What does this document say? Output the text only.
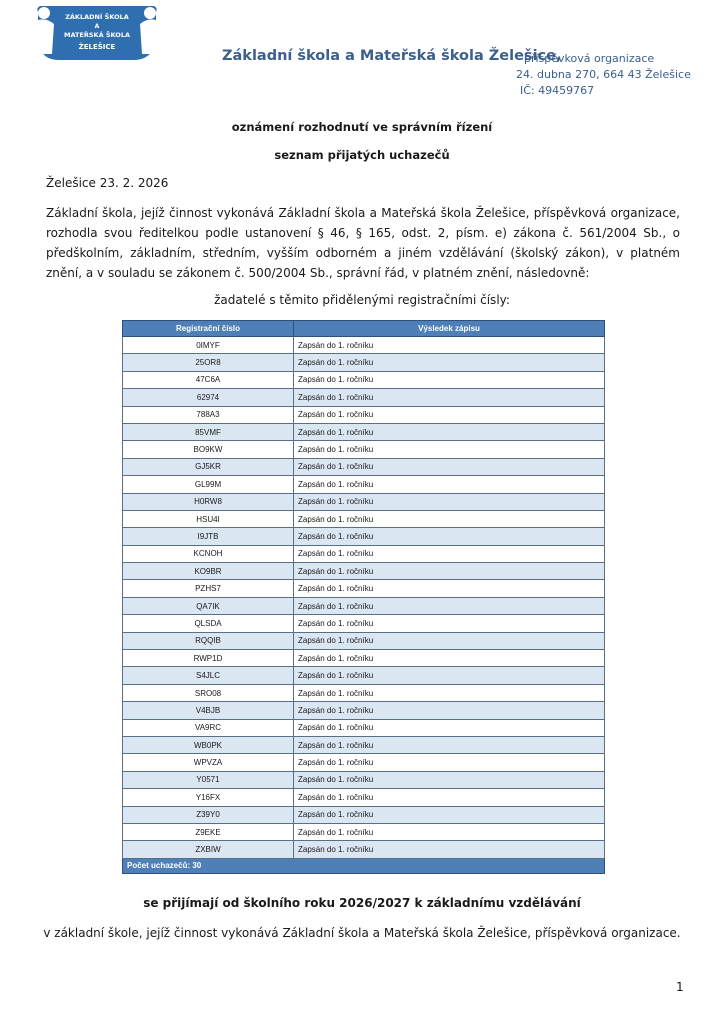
ZÁKLADNÍ ŠKOLA
A
MATEŘSKÁ ŠKOLA
ŽELEŠICE
Základní škola a Mateřská škola Želešice,
příspěvková organizace
24. dubna 270, 664 43 Želešice
IČ: 49459767
oznámení rozhodnutí ve správním řízení
seznam přijatých uchazečů
Želešice 23. 2. 2026
Základní škola, jejíž činnost vykonává Základní škola a Mateřská škola Želešice, příspěvková organizace, rozhodla svou ředitelkou podle ustanovení § 46, § 165, odst. 2, písm. e) zákona č. 561/2004 Sb., o předškolním, základním, středním, vyšším odborném a jiném vzdělávání (školský zákon), v platném znění, a v souladu se zákonem č. 500/2004 Sb., správní řád, v platném znění, následovně:
žadatelé s těmito přidělenými registračními čísly:
Registrační číslo	Výsledek zápisu
0IMYF	Zapsán do 1. ročníku
25OR8	Zapsán do 1. ročníku
47C6A	Zapsán do 1. ročníku
62974	Zapsán do 1. ročníku
788A3	Zapsán do 1. ročníku
85VMF	Zapsán do 1. ročníku
BO9KW	Zapsán do 1. ročníku
GJ5KR	Zapsán do 1. ročníku
GL99M	Zapsán do 1. ročníku
H0RW8	Zapsán do 1. ročníku
HSU4I	Zapsán do 1. ročníku
I9JTB	Zapsán do 1. ročníku
KCNOH	Zapsán do 1. ročníku
KO9BR	Zapsán do 1. ročníku
PZHS7	Zapsán do 1. ročníku
QA7IK	Zapsán do 1. ročníku
QLSDA	Zapsán do 1. ročníku
RQQIB	Zapsán do 1. ročníku
RWP1D	Zapsán do 1. ročníku
S4JLC	Zapsán do 1. ročníku
SRO08	Zapsán do 1. ročníku
V4BJB	Zapsán do 1. ročníku
VA9RC	Zapsán do 1. ročníku
WB0PK	Zapsán do 1. ročníku
WPVZA	Zapsán do 1. ročníku
Y0571	Zapsán do 1. ročníku
Y16FX	Zapsán do 1. ročníku
Z39Y0	Zapsán do 1. ročníku
Z9EKE	Zapsán do 1. ročníku
ZXBIW	Zapsán do 1. ročníku
Počet uchazečů: 30	
se přijímají od školního roku 2026/2027 k základnímu vzdělávání
v základní škole, jejíž činnost vykonává Základní škola a Mateřská škola Želešice, příspěvková organizace.
1
